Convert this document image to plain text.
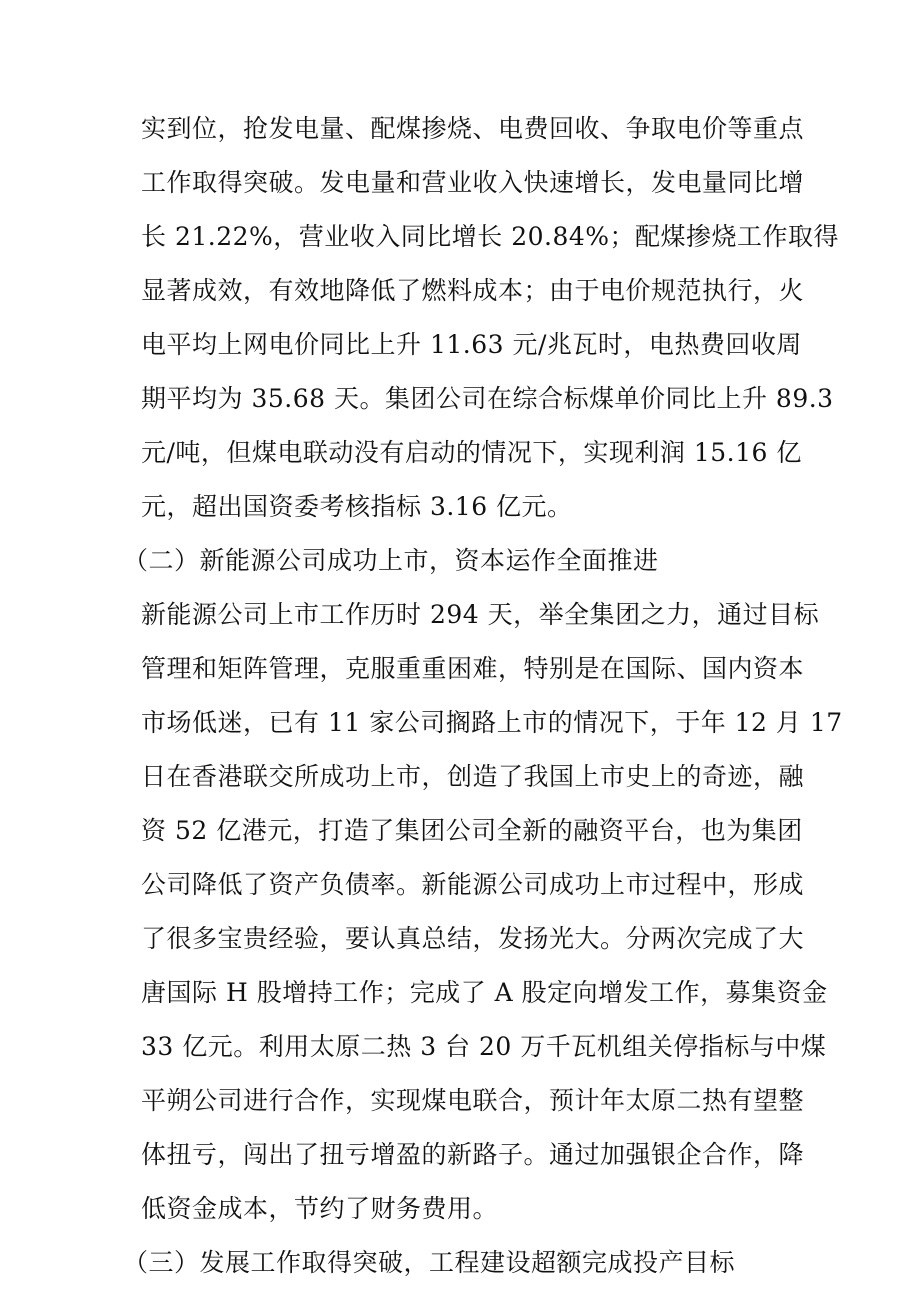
实到位，抢发电量、配煤掺烧、电费回收、争取电价等重点
工作取得突破。发电量和营业收入快速增长，发电量同比增
长 21.22%，营业收入同比增长 20.84%；配煤掺烧工作取得
显著成效，有效地降低了燃料成本；由于电价规范执行，火
电平均上网电价同比上升 11.63 元/兆瓦时，电热费回收周
期平均为 35.68 天。集团公司在综合标煤单价同比上升 89.3
元/吨，但煤电联动没有启动的情况下，实现利润 15.16 亿
元，超出国资委考核指标 3.16 亿元。
（二）新能源公司成功上市，资本运作全面推进
新能源公司上市工作历时 294 天，举全集团之力，通过目标
管理和矩阵管理，克服重重困难，特别是在国际、国内资本
市场低迷，已有 11 家公司搁路上市的情况下，于年 12 月 17
日在香港联交所成功上市，创造了我国上市史上的奇迹，融
资 52 亿港元，打造了集团公司全新的融资平台，也为集团
公司降低了资产负债率。新能源公司成功上市过程中，形成
了很多宝贵经验，要认真总结，发扬光大。分两次完成了大
唐国际 H 股增持工作；完成了 A 股定向增发工作，募集资金
33 亿元。利用太原二热 3 台 20 万千瓦机组关停指标与中煤
平朔公司进行合作，实现煤电联合，预计年太原二热有望整
体扭亏，闯出了扭亏增盈的新路子。通过加强银企合作，降
低资金成本，节约了财务费用。
（三）发展工作取得突破，工程建设超额完成投产目标
